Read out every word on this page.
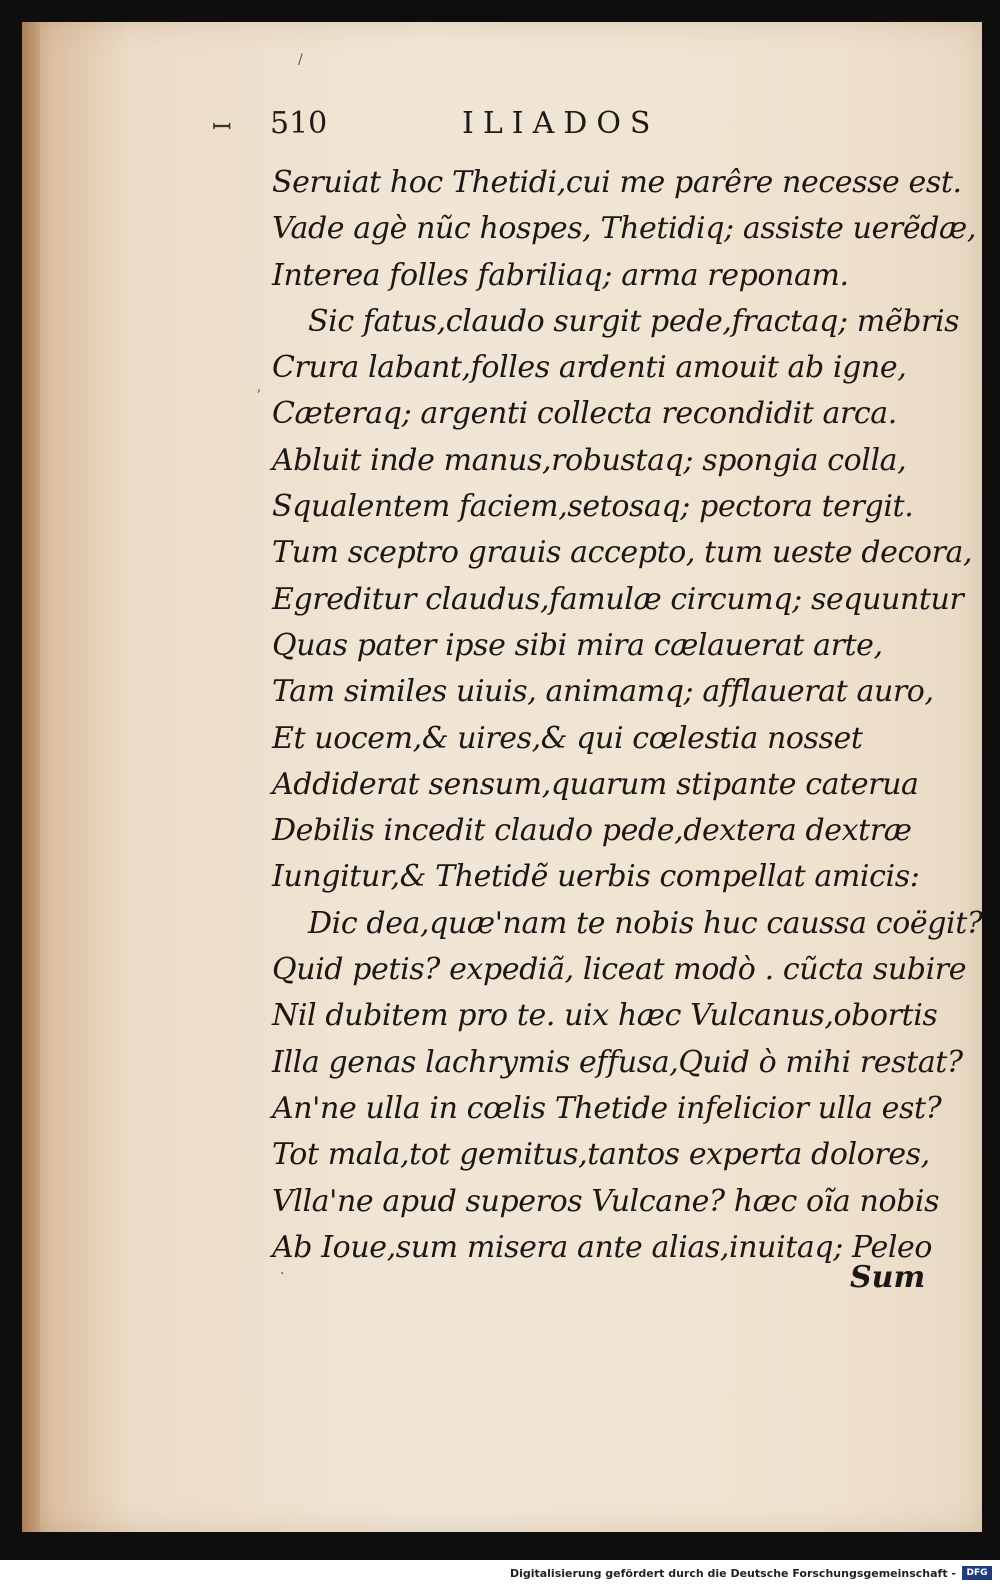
ꟷ
/
ʼ
·
510	ILIADOS
Seruiat hoc Thetidi,cui me parêre necesse est.
Vade agè nũc hospes, Thetidiq; assiste uerẽdæ,
Interea folles fabriliaq; arma reponam.
Sic fatus,claudo surgit pede,fractaq; mẽbris
Crura labant,folles ardenti amouit ab igne,
Cæteraq; argenti collecta recondidit arca.
Abluit inde manus,robustaq; spongia colla,
Squalentem faciem,setosaq; pectora tergit.
Tum sceptro grauis accepto, tum ueste decora,
Egreditur claudus,famulæ circumq; sequuntur
Quas pater ipse sibi mira cælauerat arte,
Tam similes uiuis, animamq; afflauerat auro,
Et uocem,& uires,& qui cœlestia nosset
Addiderat sensum,quarum stipante caterua
Debilis incedit claudo pede,dextera dextræ
Iungitur,& Thetidẽ uerbis compellat amicis:
Dic dea,quæ'nam te nobis huc caussa coëgit?
Quid petis? expediã, liceat modò . cũcta subire
Nil dubitem pro te. uix hæc Vulcanus,obortis
Illa genas lachrymis effusa,Quid ò mihi restat?
An'ne ulla in cœlis Thetide infelicior ulla est?
Tot mala,tot gemitus,tantos experta dolores,
Vlla'ne apud superos Vulcane? hæc oĩa nobis
Ab Ioue,sum misera ante alias,inuitaq; Peleo
Sum
Digitalisierung gefördert durch die Deutsche Forschungsgemeinschaft -	DFG
